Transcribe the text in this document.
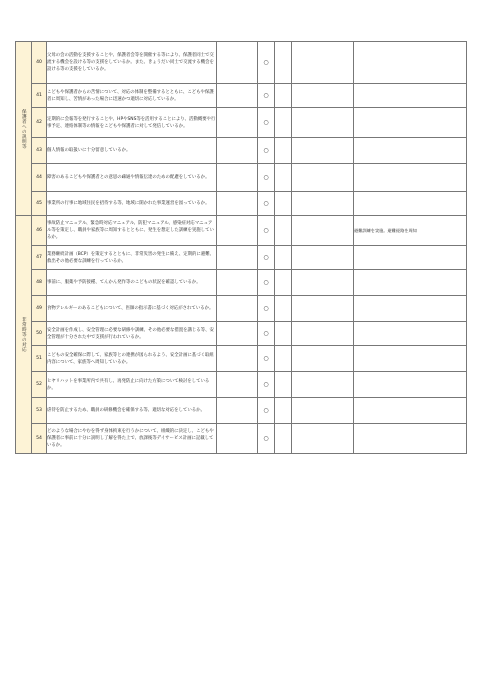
保護者への説明等	40	父母の会の活動を支援することや、保護者会等を開催する等により、保護者同士で交流する機会を設ける等の支援をしているか。また、きょうだい同士で交流する機会を設ける等の支援をしているか。		○			
	41	こどもや保護者からの苦情について、対応の体制を整備するとともに、こどもや保護者に周知し、苦情があった場合に迅速かつ適切に対応しているか。		○			
	42	定期的に会報等を発行することや、HPやSNS等を活用することにより、活動概要や行事予定、連絡体制等の情報をこどもや保護者に対して発信しているか。		○			
	43	個人情報の取扱いに十分留意しているか。		○			
	44	障害のあるこどもや保護者との意思の疎通や情報伝達のための配慮をしているか。		○			
	45	事業所の行事に地域住民を招待する等、地域に開かれた事業運営を図っているか。		○			

非常時等の対応	46	事故防止マニュアル、緊急時対応マニュアル、防犯マニュアル、感染症対応マニュアル等を策定し、職員や家族等に周知するとともに、発生を想定した訓練を実施しているか。		○			避難訓練を実施。避難経路を周知
	47	業務継続計画（BCP）を策定するとともに、非常災害の発生に備え、定期的に避難、救出その他必要な訓練を行っているか。		○			
	48	事前に、服薬や予防接種、てんかん発作等のこどもの状況を確認しているか。		○			
	49	食物アレルギーのあるこどもについて、医師の指示書に基づく対応がされているか。		○			
	50	安全計画を作成し、安全管理に必要な研修や訓練、その他必要な措置を講じる等、安全管理が十分された中で支援が行われているか。		○			
	51	こどもの安全確保に際して、家族等との連携が図られるよう、安全計画に基づく取組内容について、家族等へ周知しているか。		○			
	52	ヒヤリハットを事業所内で共有し、再発防止に向けた方策について検討をしているか。		○			
	53	虐待を防止するため、職員の研修機会を確保する等、適切な対応をしているか。		○			
	54	どのような場合にやむを得ず身体拘束を行うかについて、組織的に決定し、こどもや保護者に事前に十分に説明し了解を得た上で、放課後等デイサービス計画に記載しているか。		○			
